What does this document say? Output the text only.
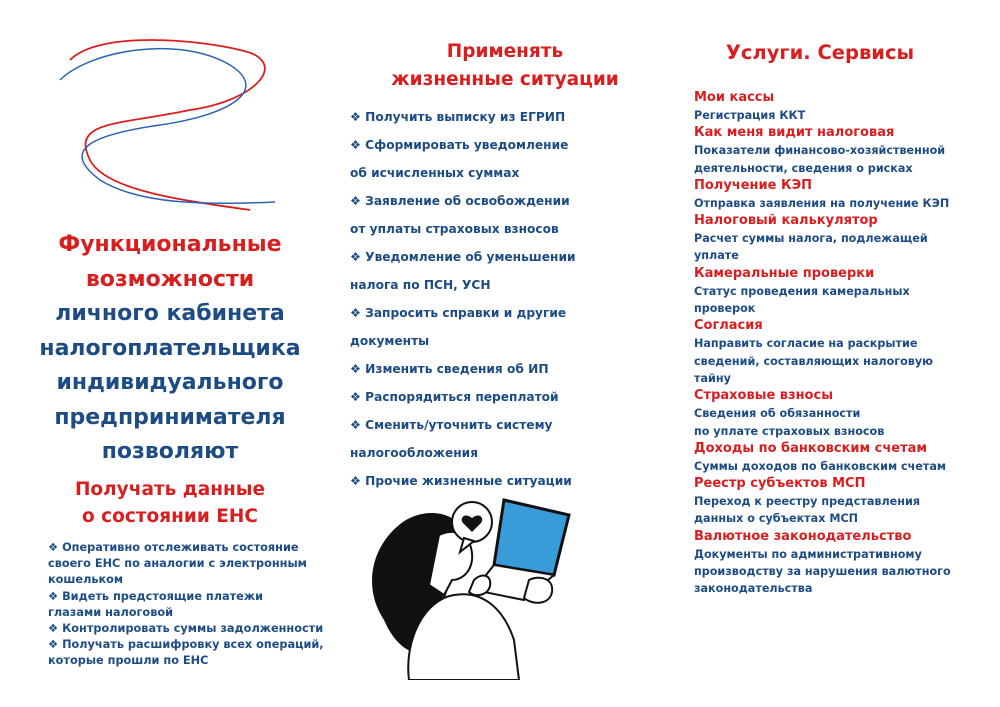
Функциональные
возможности
личного кабинета
налогоплательщика
индивидуального
предпринимателя
позволяют
Получать данные
о состоянии ЕНС
❖ Оперативно отслеживать состояние
своего ЕНС по аналогии с электронным
кошельком
❖ Видеть предстоящие платежи
глазами налоговой
❖ Контролировать суммы задолженности
❖ Получать расшифровку всех операций,
которые прошли по ЕНС
Применять
жизненные ситуации
❖ Получить выписку из ЕГРИП
❖ Сформировать уведомление
об исчисленных суммах
❖ Заявление об освобождении
от уплаты страховых взносов
❖ Уведомление об уменьшении
налога по ПСН, УСН
❖ Запросить справки и другие
документы
❖ Изменить сведения об ИП
❖ Распорядиться переплатой
❖ Сменить/уточнить систему
налогообложения
❖ Прочие жизненные ситуации
Услуги. Сервисы
Мои кассы
Регистрация ККТ
Как меня видит налоговая
Показатели финансово-хозяйственной
деятельности, сведения о рисках
Получение КЭП
Отправка заявления на получение КЭП
Налоговый калькулятор
Расчет суммы налога, подлежащей
уплате
Камеральные проверки
Статус проведения камеральных
проверок
Согласия
Направить согласие на раскрытие
сведений, составляющих налоговую
тайну
Страховые взносы
Сведения об обязанности
по уплате страховых взносов
Доходы по банковским счетам
Суммы доходов по банковским счетам
Реестр субъектов МСП
Переход к реестру представления
данных о субъектах МСП
Валютное законодательство
Документы по административному
производству за нарушения валютного
законодательства
